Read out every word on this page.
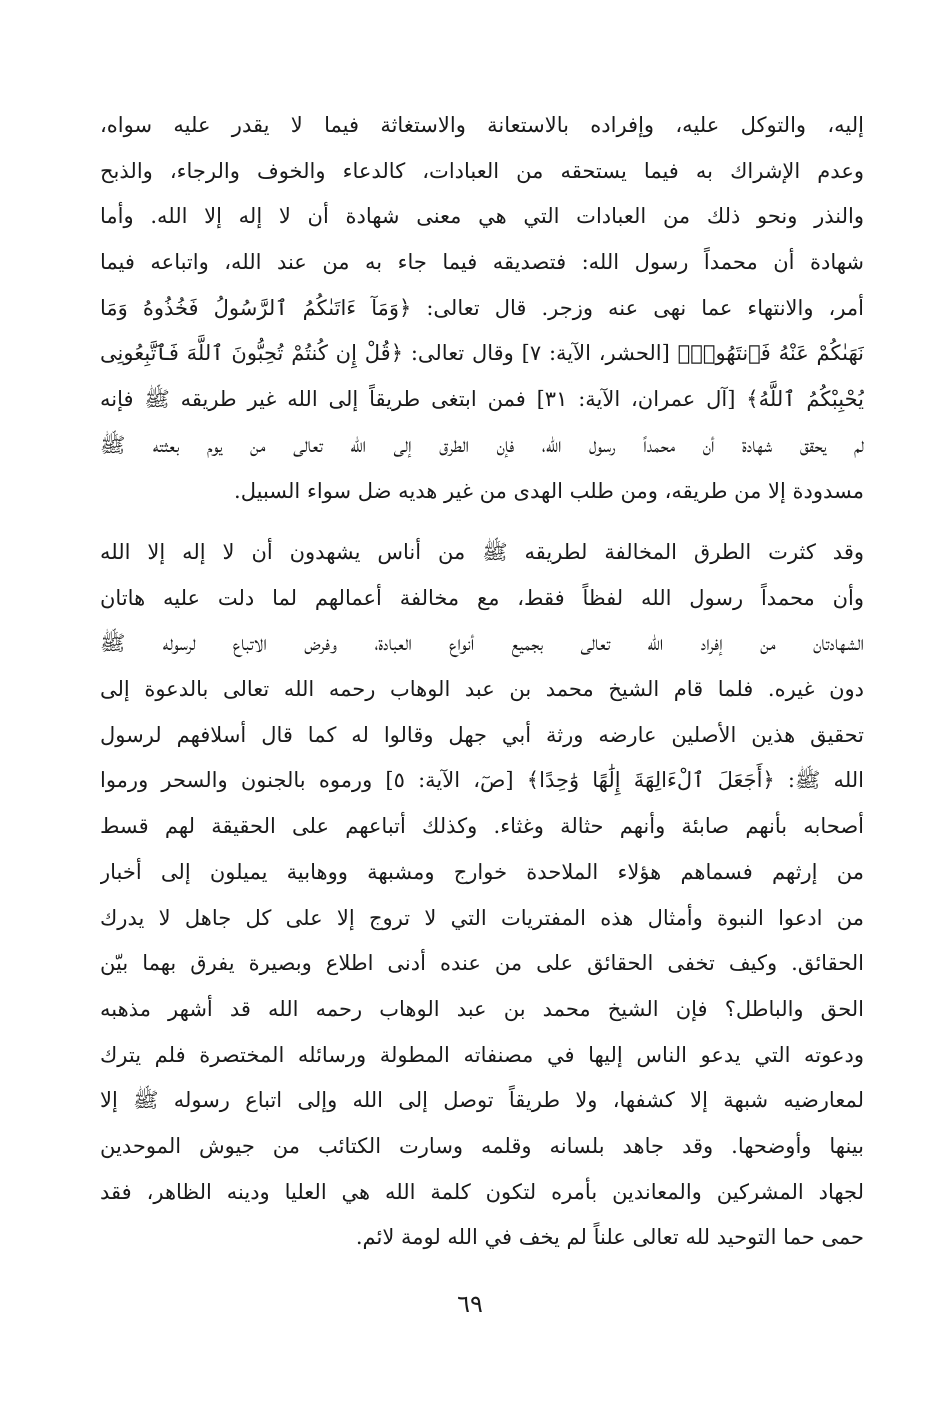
إليه، والتوكل عليه، وإفراده بالاستعانة والاستغاثة فيما لا يقدر عليه سواه،
وعدم الإشراك به فيما يستحقه من العبادات، كالدعاء والخوف والرجاء، والذبح
والنذر ونحو ذلك من العبادات التي هي معنى شهادة أن لا إله إلا الله. وأما
شهادة أن محمداً رسول الله: فتصديقه فيما جاء به من عند الله، واتباعه فيما
أمر، والانتهاء عما نهى عنه وزجر. قال تعالى: ﴿وَمَآ ءَاتَىٰكُمُ ٱلرَّسُولُ فَخُذُوهُ وَمَا
نَهَىٰكُمْ عَنْهُ فَٱنتَهُوا۟﴾ [الحشر، الآية: ٧] وقال تعالى: ﴿قُلْ إِن كُنتُمْ تُحِبُّونَ ٱللَّهَ فَٱتَّبِعُونِى
يُحْبِبْكُمُ ٱللَّهُ﴾ [آل عمران، الآية: ٣١] فمن ابتغى طريقاً إلى الله غير طريقه ﷺ فإنه
لم يحقق شهادة أن محمداً رسول الله، فإن الطرق إلى الله تعالى من يوم بعثته ﷺ
مسدودة إلا من طريقه، ومن طلب الهدى من غير هديه ضل سواء السبيل.
وقد كثرت الطرق المخالفة لطريقه ﷺ من أناس يشهدون أن لا إله إلا الله
وأن محمداً رسول الله لفظاً فقط، مع مخالفة أعمالهم لما دلت عليه هاتان
الشهادتان من إفراد الله تعالى بجميع أنواع العبادة، وفرض الاتباع لرسوله ﷺ
دون غيره. فلما قام الشيخ محمد بن عبد الوهاب رحمه الله تعالى بالدعوة إلى
تحقيق هذين الأصلين عارضه ورثة أبي جهل وقالوا له كما قال أسلافهم لرسول
الله ﷺ: ﴿أَجَعَلَ ٱلْءَالِهَةَ إِلَٰهًا وَٰحِدًا﴾ [صٓ، الآية: ٥] ورموه بالجنون والسحر ورموا
أصحابه بأنهم صابئة وأنهم حثالة وغثاء. وكذلك أتباعهم على الحقيقة لهم قسط
من إرثهم فسماهم هؤلاء الملاحدة خوارج ومشبهة ووهابية يميلون إلى أخبار
من ادعوا النبوة وأمثال هذه المفتريات التي لا تروج إلا على كل جاهل لا يدرك
الحقائق. وكيف تخفى الحقائق على من عنده أدنى اطلاع وبصيرة يفرق بهما بيّن
الحق والباطل؟ فإن الشيخ محمد بن عبد الوهاب رحمه الله قد أشهر مذهبه
ودعوته التي يدعو الناس إليها في مصنفاته المطولة ورسائله المختصرة فلم يترك
لمعارضيه شبهة إلا كشفها، ولا طريقاً توصل إلى الله وإلى اتباع رسوله ﷺ إلا
بينها وأوضحها. وقد جاهد بلسانه وقلمه وسارت الكتائب من جيوش الموحدين
لجهاد المشركين والمعاندين بأمره لتكون كلمة الله هي العليا ودينه الظاهر، فقد
حمى حما التوحيد لله تعالى علناً لم يخف في الله لومة لائم.
٦٩
